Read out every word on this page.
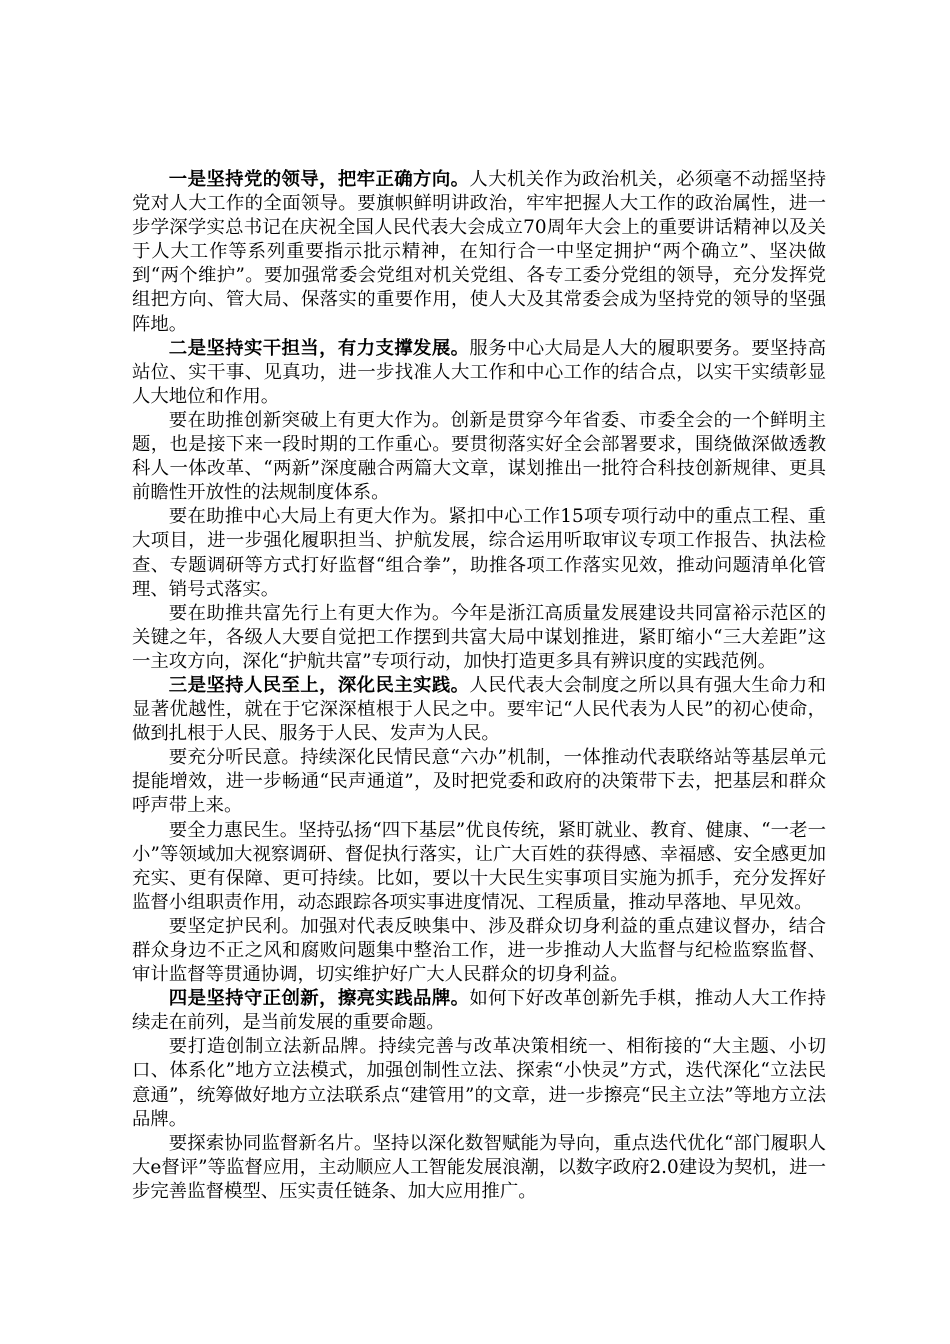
一是坚持党的领导，把牢正确方向。人大机关作为政治机关，必须毫不动摇坚持党对人大工作的全面领导。要旗帜鲜明讲政治，牢牢把握人大工作的政治属性，进一步学深学实总书记在庆祝全国人民代表大会成立70周年大会上的重要讲话精神以及关于人大工作等系列重要指示批示精神，在知行合一中坚定拥护“两个确立”、坚决做到“两个维护”。要加强常委会党组对机关党组、各专工委分党组的领导，充分发挥党组把方向、管大局、保落实的重要作用，使人大及其常委会成为坚持党的领导的坚强阵地。

二是坚持实干担当，有力支撑发展。服务中心大局是人大的履职要务。要坚持高站位、实干事、见真功，进一步找准人大工作和中心工作的结合点，以实干实绩彰显人大地位和作用。

要在助推创新突破上有更大作为。创新是贯穿今年省委、市委全会的一个鲜明主题，也是接下来一段时期的工作重心。要贯彻落实好全会部署要求，围绕做深做透教科人一体改革、“两新”深度融合两篇大文章，谋划推出一批符合科技创新规律、更具前瞻性开放性的法规制度体系。

要在助推中心大局上有更大作为。紧扣中心工作15项专项行动中的重点工程、重大项目，进一步强化履职担当、护航发展，综合运用听取审议专项工作报告、执法检查、专题调研等方式打好监督“组合拳”，助推各项工作落实见效，推动问题清单化管理、销号式落实。

要在助推共富先行上有更大作为。今年是浙江高质量发展建设共同富裕示范区的关键之年，各级人大要自觉把工作摆到共富大局中谋划推进，紧盯缩小“三大差距”这一主攻方向，深化“护航共富”专项行动，加快打造更多具有辨识度的实践范例。

三是坚持人民至上，深化民主实践。人民代表大会制度之所以具有强大生命力和显著优越性，就在于它深深植根于人民之中。要牢记“人民代表为人民”的初心使命，做到扎根于人民、服务于人民、发声为人民。

要充分听民意。持续深化民情民意“六办”机制，一体推动代表联络站等基层单元提能增效，进一步畅通“民声通道”，及时把党委和政府的决策带下去，把基层和群众呼声带上来。

要全力惠民生。坚持弘扬“四下基层”优良传统，紧盯就业、教育、健康、“一老一小”等领域加大视察调研、督促执行落实，让广大百姓的获得感、幸福感、安全感更加充实、更有保障、更可持续。比如，要以十大民生实事项目实施为抓手，充分发挥好监督小组职责作用，动态跟踪各项实事进度情况、工程质量，推动早落地、早见效。

要坚定护民利。加强对代表反映集中、涉及群众切身利益的重点建议督办，结合群众身边不正之风和腐败问题集中整治工作，进一步推动人大监督与纪检监察监督、审计监督等贯通协调，切实维护好广大人民群众的切身利益。

四是坚持守正创新，擦亮实践品牌。如何下好改革创新先手棋，推动人大工作持续走在前列，是当前发展的重要命题。

要打造创制立法新品牌。持续完善与改革决策相统一、相衔接的“大主题、小切口、体系化”地方立法模式，加强创制性立法、探索“小快灵”方式，迭代深化“立法民意通”，统筹做好地方立法联系点“建管用”的文章，进一步擦亮“民主立法”等地方立法品牌。

要探索协同监督新名片。坚持以深化数智赋能为导向，重点迭代优化“部门履职人大e督评”等监督应用，主动顺应人工智能发展浪潮，以数字政府2.0建设为契机，进一步完善监督模型、压实责任链条、加大应用推广。
